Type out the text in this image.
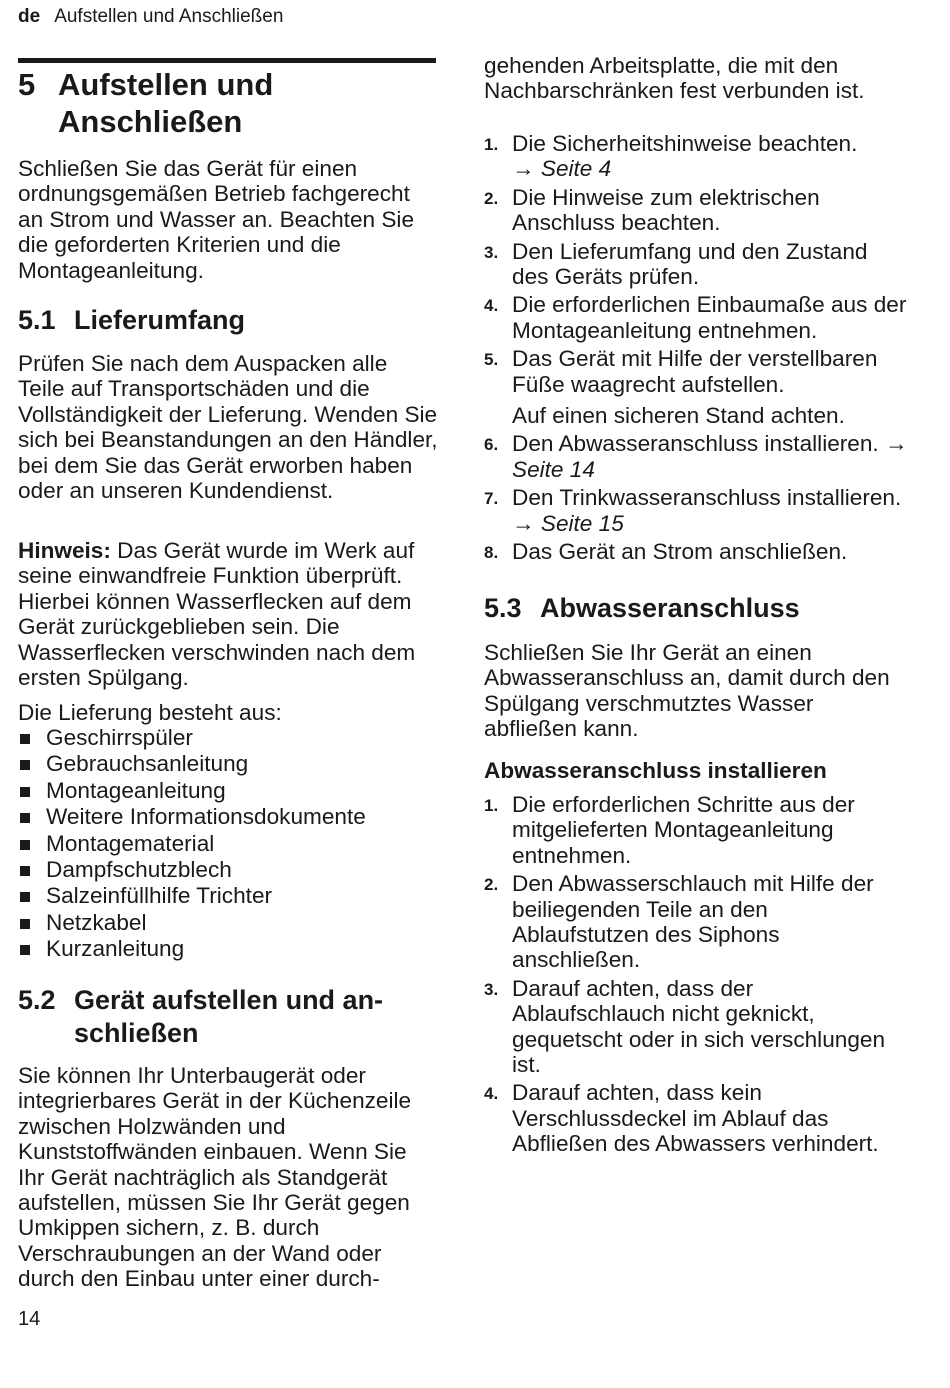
de Aufstellen und Anschließen
5 Aufstellen und
Anschließen

Schließen Sie das Gerät für einen ordnungsgemäßen Betrieb fachgerecht an Strom und Wasser an. Beachten Sie die geforderten Kriterien und die Montageanleitung.

5.1 Lieferumfang

Prüfen Sie nach dem Auspacken alle Teile auf Transportschäden und die Vollständigkeit der Lieferung. Wenden Sie sich bei Beanstandungen an den Händler, bei dem Sie das Gerät erworben haben oder an unseren Kundendienst.

Hinweis: Das Gerät wurde im Werk auf seine einwandfreie Funktion überprüft. Hierbei können Wasserflecken auf dem Gerät zurückgeblieben sein. Die Wasserflecken verschwinden nach dem ersten Spülgang.

Die Lieferung besteht aus:

Geschirrspüler
Gebrauchsanleitung
Montageanleitung
Weitere Informationsdokumente
Montagematerial
Dampfschutzblech
Salzeinfüllhilfe Trichter
Netzkabel
Kurzanleitung
5.2 Gerät aufstellen und an-
schließen

Sie können Ihr Unterbaugerät oder integrierbares Gerät in der Küchenzeile zwischen Holzwänden und Kunststoffwänden einbauen. Wenn Sie Ihr Gerät nachträglich als Standgerät aufstellen, müssen Sie Ihr Gerät gegen Umkippen sichern, z. B. durch Verschraubungen an der Wand oder durch den Einbau unter einer durch-

14

gehenden Arbeitsplatte, die mit den Nachbarschränken fest verbunden ist.

1. Die Sicherheitshinweise beachten.
→ Seite 4
2. Die Hinweise zum elektrischen Anschluss beachten.
3. Den Lieferumfang und den Zustand des Geräts prüfen.
4. Die erforderlichen Einbaumaße aus der Montageanleitung entnehmen.
5. Das Gerät mit Hilfe der verstellbaren Füße waagrecht aufstellen.
Auf einen sicheren Stand achten.
6. Den Abwasseranschluss installieren. → Seite 14
7. Den Trinkwasseranschluss installieren. → Seite 15
8. Das Gerät an Strom anschließen.
5.3 Abwasseranschluss

Schließen Sie Ihr Gerät an einen Abwasseranschluss an, damit durch den Spülgang verschmutztes Wasser abfließen kann.

Abwasseranschluss installieren
1. Die erforderlichen Schritte aus der mitgelieferten Montageanleitung entnehmen.
2. Den Abwasserschlauch mit Hilfe der beiliegenden Teile an den Ablaufstutzen des Siphons anschließen.
3. Darauf achten, dass der Ablaufschlauch nicht geknickt, gequetscht oder in sich verschlungen ist.
4. Darauf achten, dass kein Verschlussdeckel im Ablauf das Abfließen des Abwassers verhindert.
